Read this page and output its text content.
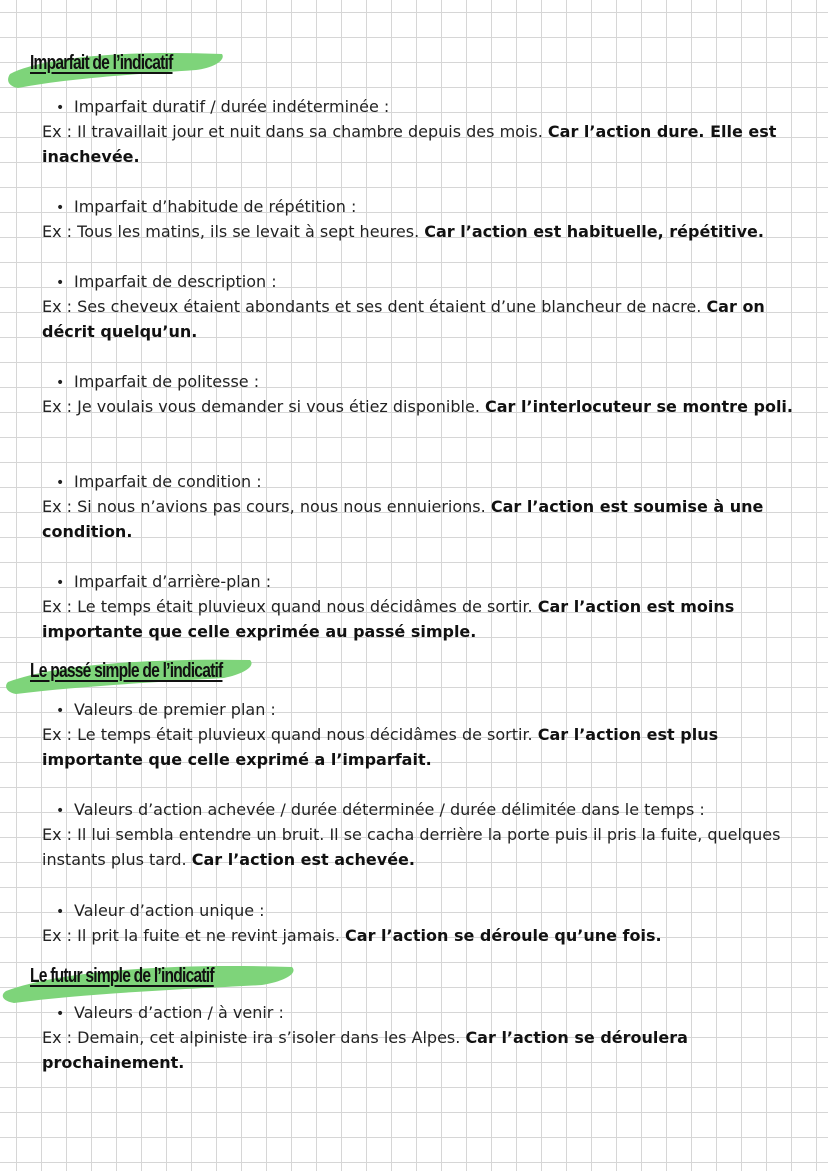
Imparfait de l’indicatif
• Imparfait duratif / durée indéterminée :
Ex : Il travaillait jour et nuit dans sa chambre depuis des mois. Car l’action dure. Elle est inachevée.
• Imparfait d’habitude de répétition :
Ex : Tous les matins, ils se levait à sept heures. Car l’action est habituelle, répétitive.
• Imparfait de description :
Ex : Ses cheveux étaient abondants et ses dent étaient d’une blancheur de nacre. Car on décrit quelqu’un.
• Imparfait de politesse :
Ex : Je voulais vous demander si vous étiez disponible. Car l’interlocuteur se montre poli.
• Imparfait de condition :
Ex : Si nous n’avions pas cours, nous nous ennuierions. Car l’action est soumise à une condition.
• Imparfait d’arrière-plan :
Ex : Le temps était pluvieux quand nous décidâmes de sortir. Car l’action est moins importante que celle exprimée au passé simple.
Le passé simple de l’indicatif
• Valeurs de premier plan :
Ex : Le temps était pluvieux quand nous décidâmes de sortir. Car l’action est plus importante que celle exprimé a l’imparfait.
• Valeurs d’action achevée / durée déterminée / durée délimitée dans le temps :
Ex : Il lui sembla entendre un bruit. Il se cacha derrière la porte puis il pris la fuite, quelques instants plus tard. Car l’action est achevée.
• Valeur d’action unique :
Ex : Il prit la fuite et ne revint jamais. Car l’action se déroule qu’une fois.
Le futur simple de l’indicatif
• Valeurs d’action / à venir :
Ex : Demain, cet alpiniste ira s’isoler dans les Alpes. Car l’action se déroulera prochainement.
